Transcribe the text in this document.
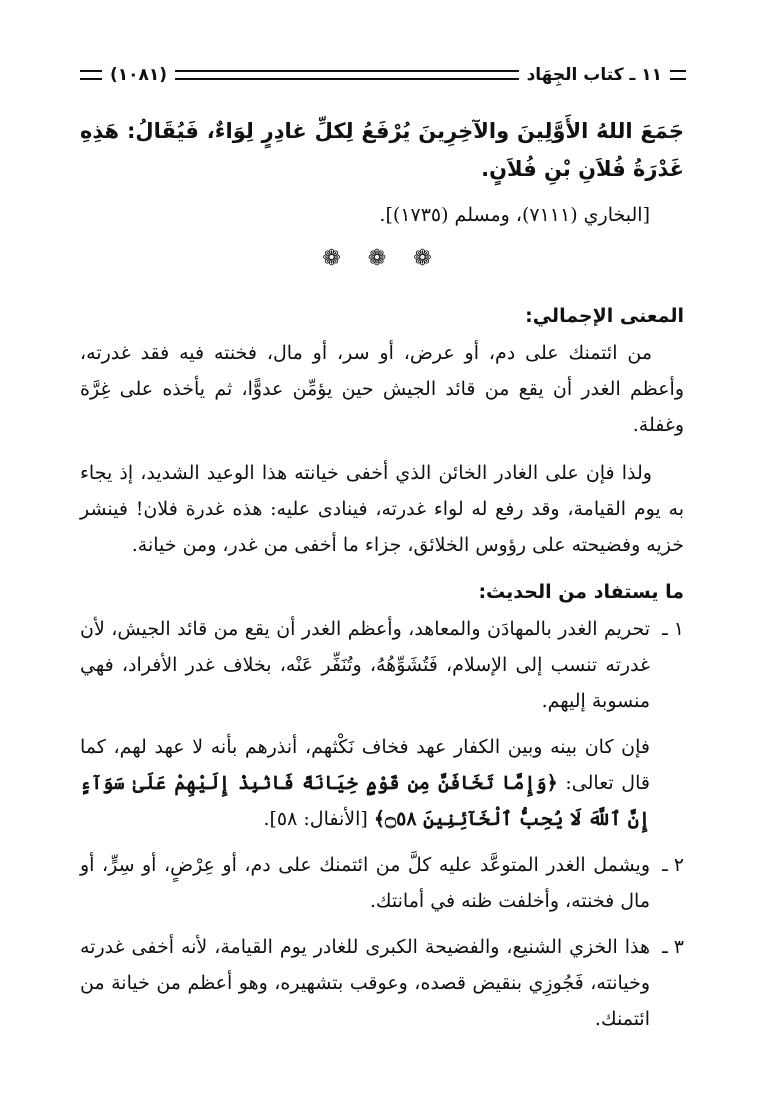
١١ ـ كتاب الجِهَاد
(١٠٨١)

جَمَعَ اللهُ الأَوَّلِينَ والآخِرِينَ يُرْفَعُ لِكلِّ غادِرٍ لِوَاءٌ، فَيُقَالُ: هَذِهِ غَدْرَةُ فُلاَنِ بْنِ فُلاَنٍ.

[البخاري (٧١١١)، ومسلم (١٧٣٥)].

❁ ❁ ❁
المعنى الإجمالي:

من ائتمنك على دم، أو عرض، أو سر، أو مال، فخنته فيه فقد غدرته، وأعظم الغدر أن يقع من قائد الجيش حين يؤمِّن عدوًّا، ثم يأخذه على غِرَّة وغفلة.

ولذا فإن على الغادر الخائن الذي أخفى خيانته هذا الوعيد الشديد، إذ يجاء به يوم القيامة، وقد رفع له لواء غدرته، فينادى عليه: هذه غدرة فلان! فينشر خزيه وفضيحته على رؤوس الخلائق، جزاء ما أخفى من غدر، ومن خيانة.

ما يستفاد من الحديث:
١ ـ
تحريم الغدر بالمهادَن والمعاهد، وأعظم الغدر أن يقع من قائد الجيش، لأن غدرته تنسب إلى الإسلام، فَتُشَوِّهُهُ، وتُنَفِّر عَنْه، بخلاف غدر الأفراد، فهي منسوبة إليهم.
فإن كان بينه وبين الكفار عهد فخاف نَكْثهم، أنذرهم بأنه لا عهد لهم، كما قال تعالى: ﴿وَإِمَّا تَخَافَنَّ مِن قَوْمٍ خِيَانَةً فَانۢبِذْ إِلَيْهِمْ عَلَىٰ سَوَآءٍ إِنَّ ٱللَّهَ لَا يُحِبُّ ٱلْخَآئِنِينَ ۝٥٨﴾ [الأنفال: ٥٨].
٢ ـ
ويشمل الغدر المتوعَّد عليه كلَّ من ائتمنك على دم، أو عِرْضٍ، أو سِرٍّ، أو مال فخنته، وأخلفت ظنه في أمانتك.
٣ ـ
هذا الخزي الشنيع، والفضيحة الكبرى للغادر يوم القيامة، لأنه أخفى غدرته وخيانته، فَجُوزِي بنقيض قصده، وعوقب بتشهيره، وهو أعظم من خيانة من ائتمنك.
